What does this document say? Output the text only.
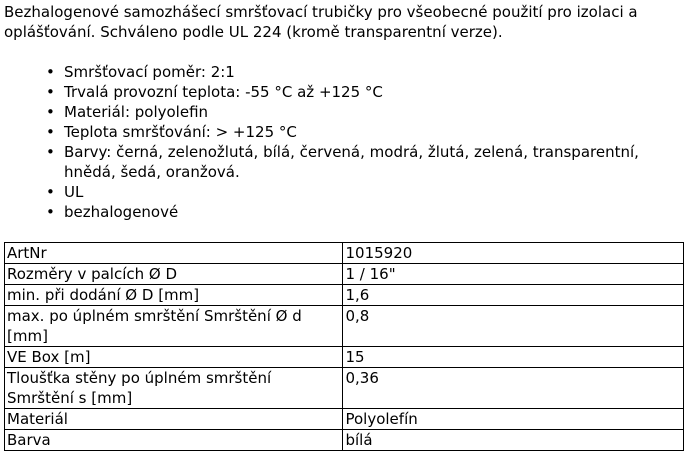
Bezhalogenové samozhášecí smršťovací trubičky pro všeobecné použití pro izolaci a oplášťování. Schváleno podle UL 224 (kromě transparentní verze).

• Smršťovací poměr: 2:1
• Trvalá provozní teplota: -55 °C až +125 °C
• Materiál: polyolefin
• Teplota smršťování: > +125 °C
• Barvy: černá, zelenožlutá, bílá, červená, modrá, žlutá, zelená, transparentní, hnědá, šedá, oranžová.
• UL
• bezhalogenové
ArtNr	1015920
Rozměry v palcích Ø D	1 / 16"
min. při dodání Ø D [mm]	1,6
max. po úplném smrštění Smrštění Ø d [mm]	0,8
VE Box [m]	15
Tloušťka stěny po úplném smrštění Smrštění s [mm]	0,36
Materiál	Polyolefín
Barva	bílá
